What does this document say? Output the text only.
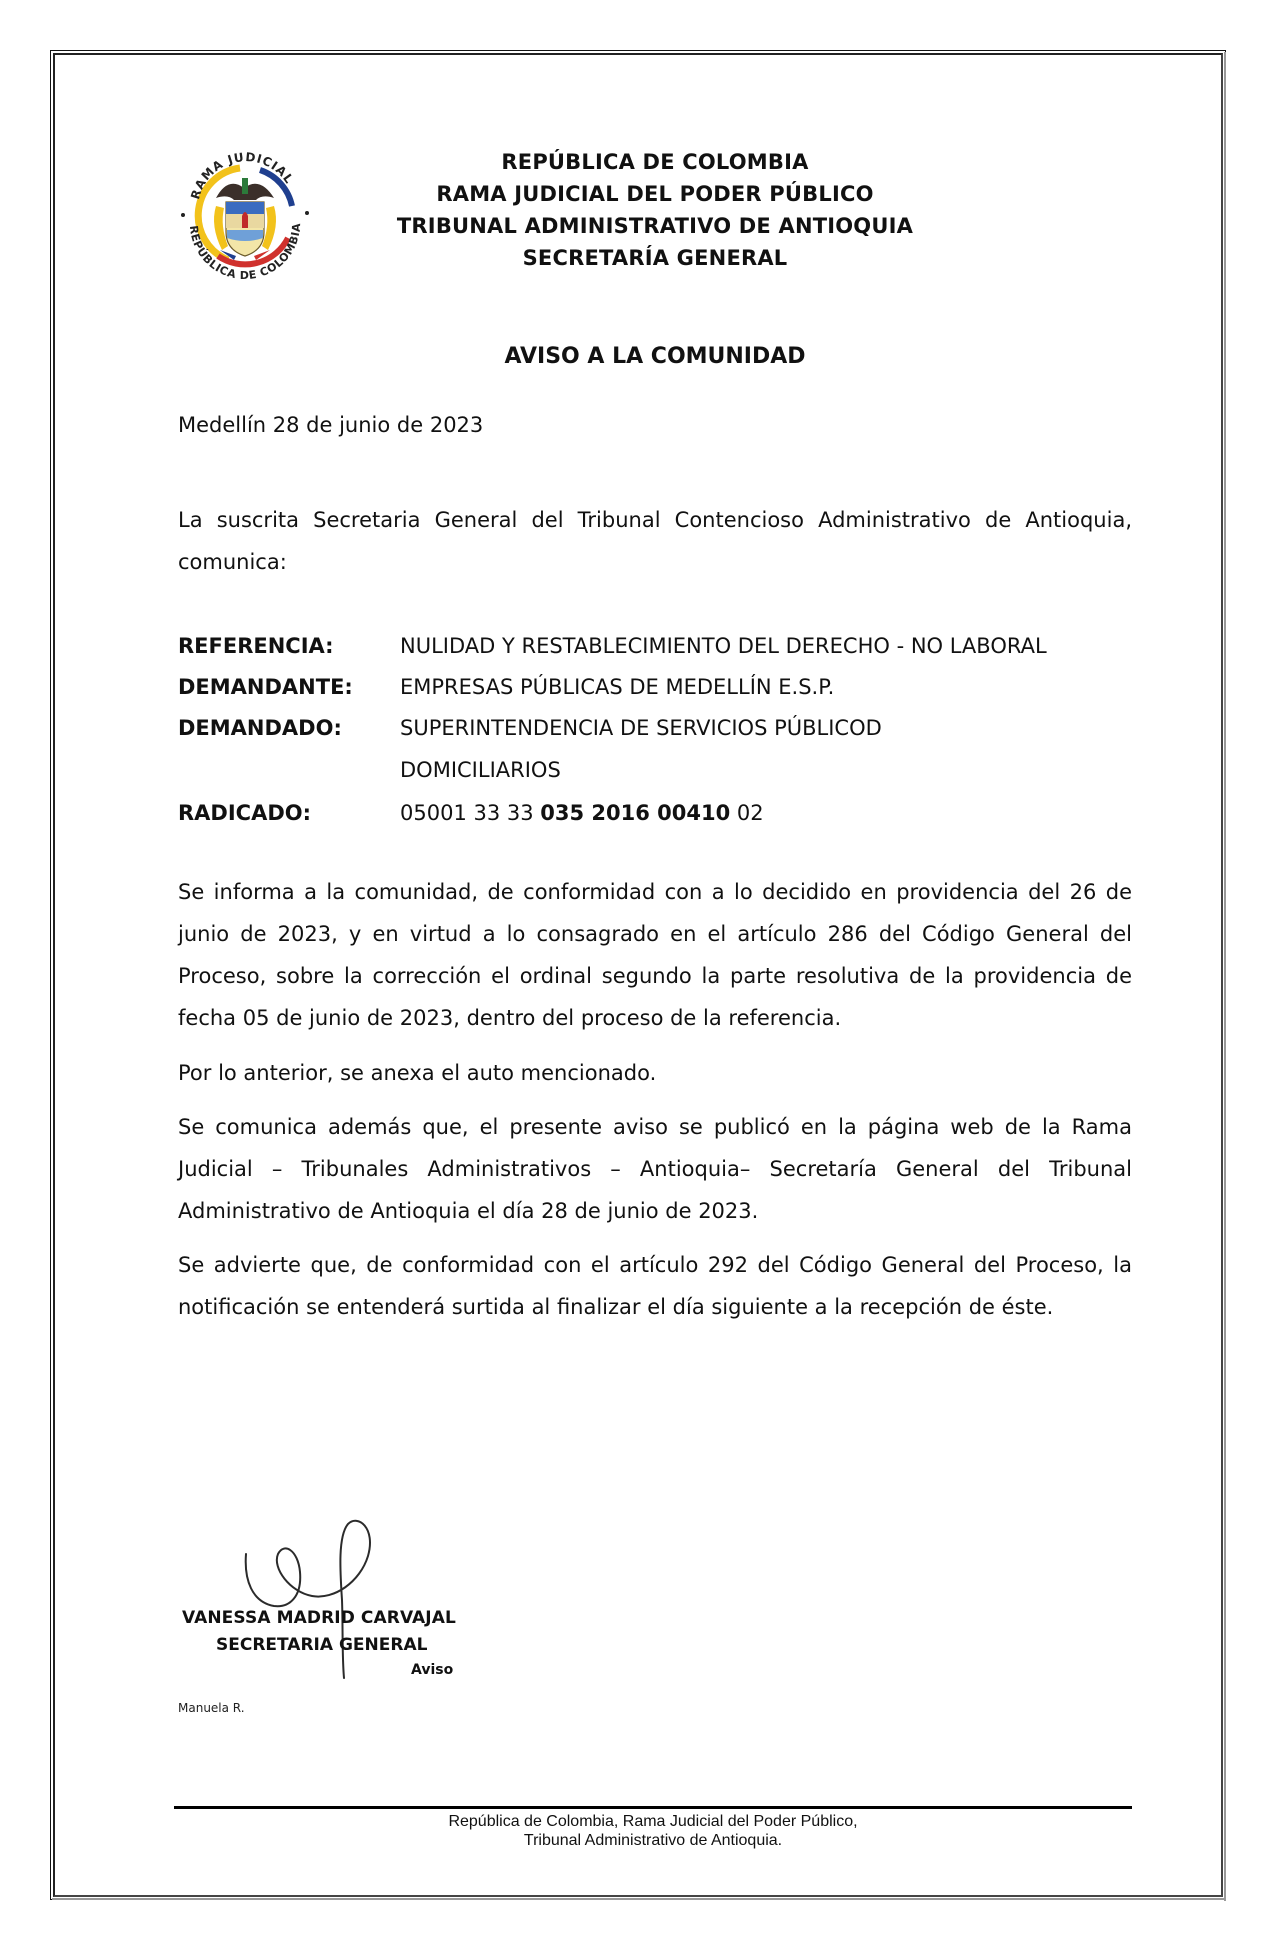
RAMA JUDICIAL
REPÚBLICA DE COLOMBIA
REPÚBLICA DE COLOMBIA
RAMA JUDICIAL DEL PODER PÚBLICO
TRIBUNAL ADMINISTRATIVO DE ANTIOQUIA
SECRETARÍA GENERAL
AVISO A LA COMUNIDAD
Medellín 28 de junio de 2023
La suscrita Secretaria General del Tribunal Contencioso Administrativo de Antioquia, comunica:
REFERENCIA:	NULIDAD Y RESTABLECIMIENTO DEL DERECHO - NO LABORAL
DEMANDANTE: EMPRESAS PÚBLICAS DE MEDELLÍN E.S.P.
DEMANDADO:	SUPERINTENDENCIA DE SERVICIOS PÚBLICOD
DOMICILIARIOS
RADICADO:	05001 33 33 035 2016 00410 02
Se informa a la comunidad, de conformidad con a lo decidido en providencia del 26 de junio de 2023, y en virtud a lo consagrado en el artículo 286 del Código General del Proceso, sobre la corrección el ordinal segundo la parte resolutiva de la providencia de fecha 05 de junio de 2023, dentro del proceso de la referencia.
Por lo anterior, se anexa el auto mencionado.
Se comunica además que, el presente aviso se publicó en la página web de la Rama Judicial – Tribunales Administrativos – Antioquia– Secretaría General del Tribunal Administrativo de Antioquia el día 28 de junio de 2023.
Se advierte que, de conformidad con el artículo 292 del Código General del Proceso, la notificación se entenderá surtida al finalizar el día siguiente a la recepción de éste.
VANESSA MADRID CARVAJAL
SECRETARIA GENERAL
Aviso
Manuela R.
República de Colombia, Rama Judicial del Poder Público,
Tribunal Administrativo de Antioquia.
